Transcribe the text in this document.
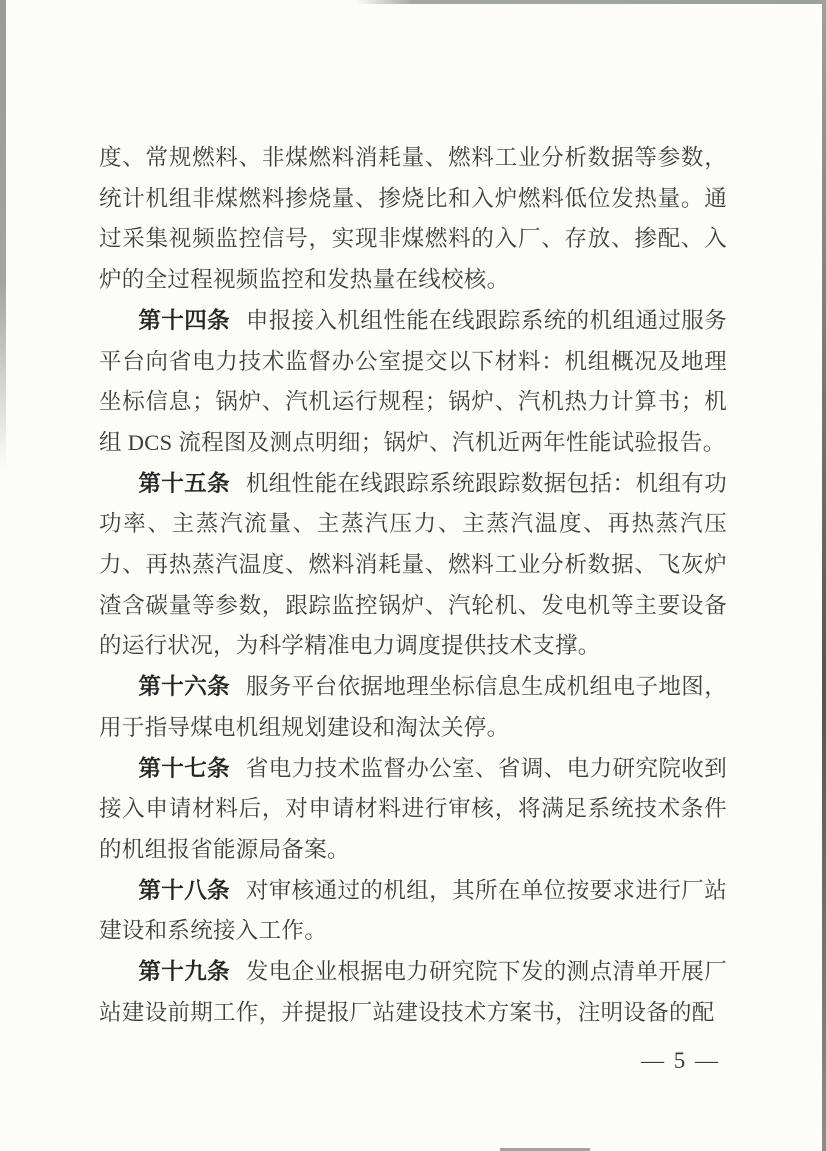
度、常规燃料、非煤燃料消耗量、燃料工业分析数据等参数，统计机组非煤燃料掺烧量、掺烧比和入炉燃料低位发热量。通过采集视频监控信号，实现非煤燃料的入厂、存放、掺配、入炉的全过程视频监控和发热量在线校核。

第十四条 申报接入机组性能在线跟踪系统的机组通过服务平台向省电力技术监督办公室提交以下材料：机组概况及地理坐标信息；锅炉、汽机运行规程；锅炉、汽机热力计算书；机组 DCS 流程图及测点明细；锅炉、汽机近两年性能试验报告。

第十五条 机组性能在线跟踪系统跟踪数据包括：机组有功功率、主蒸汽流量、主蒸汽压力、主蒸汽温度、再热蒸汽压力、再热蒸汽温度、燃料消耗量、燃料工业分析数据、飞灰炉渣含碳量等参数，跟踪监控锅炉、汽轮机、发电机等主要设备的运行状况，为科学精准电力调度提供技术支撑。

第十六条 服务平台依据地理坐标信息生成机组电子地图，用于指导煤电机组规划建设和淘汰关停。

第十七条 省电力技术监督办公室、省调、电力研究院收到接入申请材料后，对申请材料进行审核，将满足系统技术条件的机组报省能源局备案。

第十八条 对审核通过的机组，其所在单位按要求进行厂站建设和系统接入工作。

第十九条 发电企业根据电力研究院下发的测点清单开展厂站建设前期工作，并提报厂站建设技术方案书，注明设备的配

— 5 —
